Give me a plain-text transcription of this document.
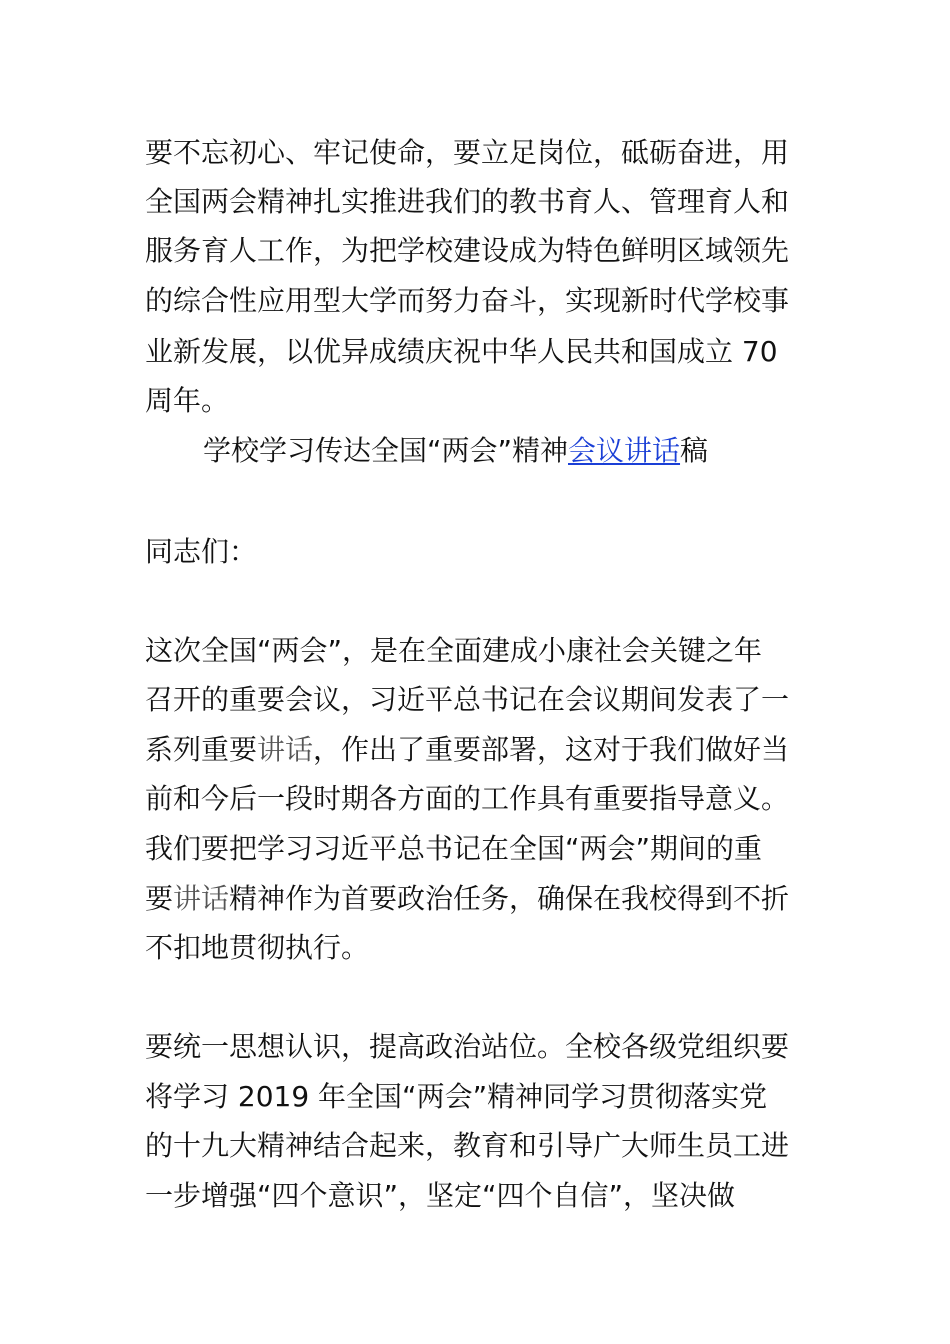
要不忘初心、牢记使命，要立足岗位，砥砺奋进，用
全国两会精神扎实推进我们的教书育人、管理育人和
服务育人工作，为把学校建设成为特色鲜明区域领先
的综合性应用型大学而努力奋斗，实现新时代学校事
业新发展，以优异成绩庆祝中华人民共和国成立 70
周年。
学校学习传达全国“两会”精神会议讲话稿
同志们：
这次全国“两会”，是在全面建成小康社会关键之年
召开的重要会议，习近平总书记在会议期间发表了一
系列重要讲话，作出了重要部署，这对于我们做好当
前和今后一段时期各方面的工作具有重要指导意义。
我们要把学习习近平总书记在全国“两会”期间的重
要讲话精神作为首要政治任务，确保在我校得到不折
不扣地贯彻执行。
要统一思想认识，提高政治站位。全校各级党组织要
将学习 2019 年全国“两会”精神同学习贯彻落实党
的十九大精神结合起来，教育和引导广大师生员工进
一步增强“四个意识”，坚定“四个自信”，坚决做
